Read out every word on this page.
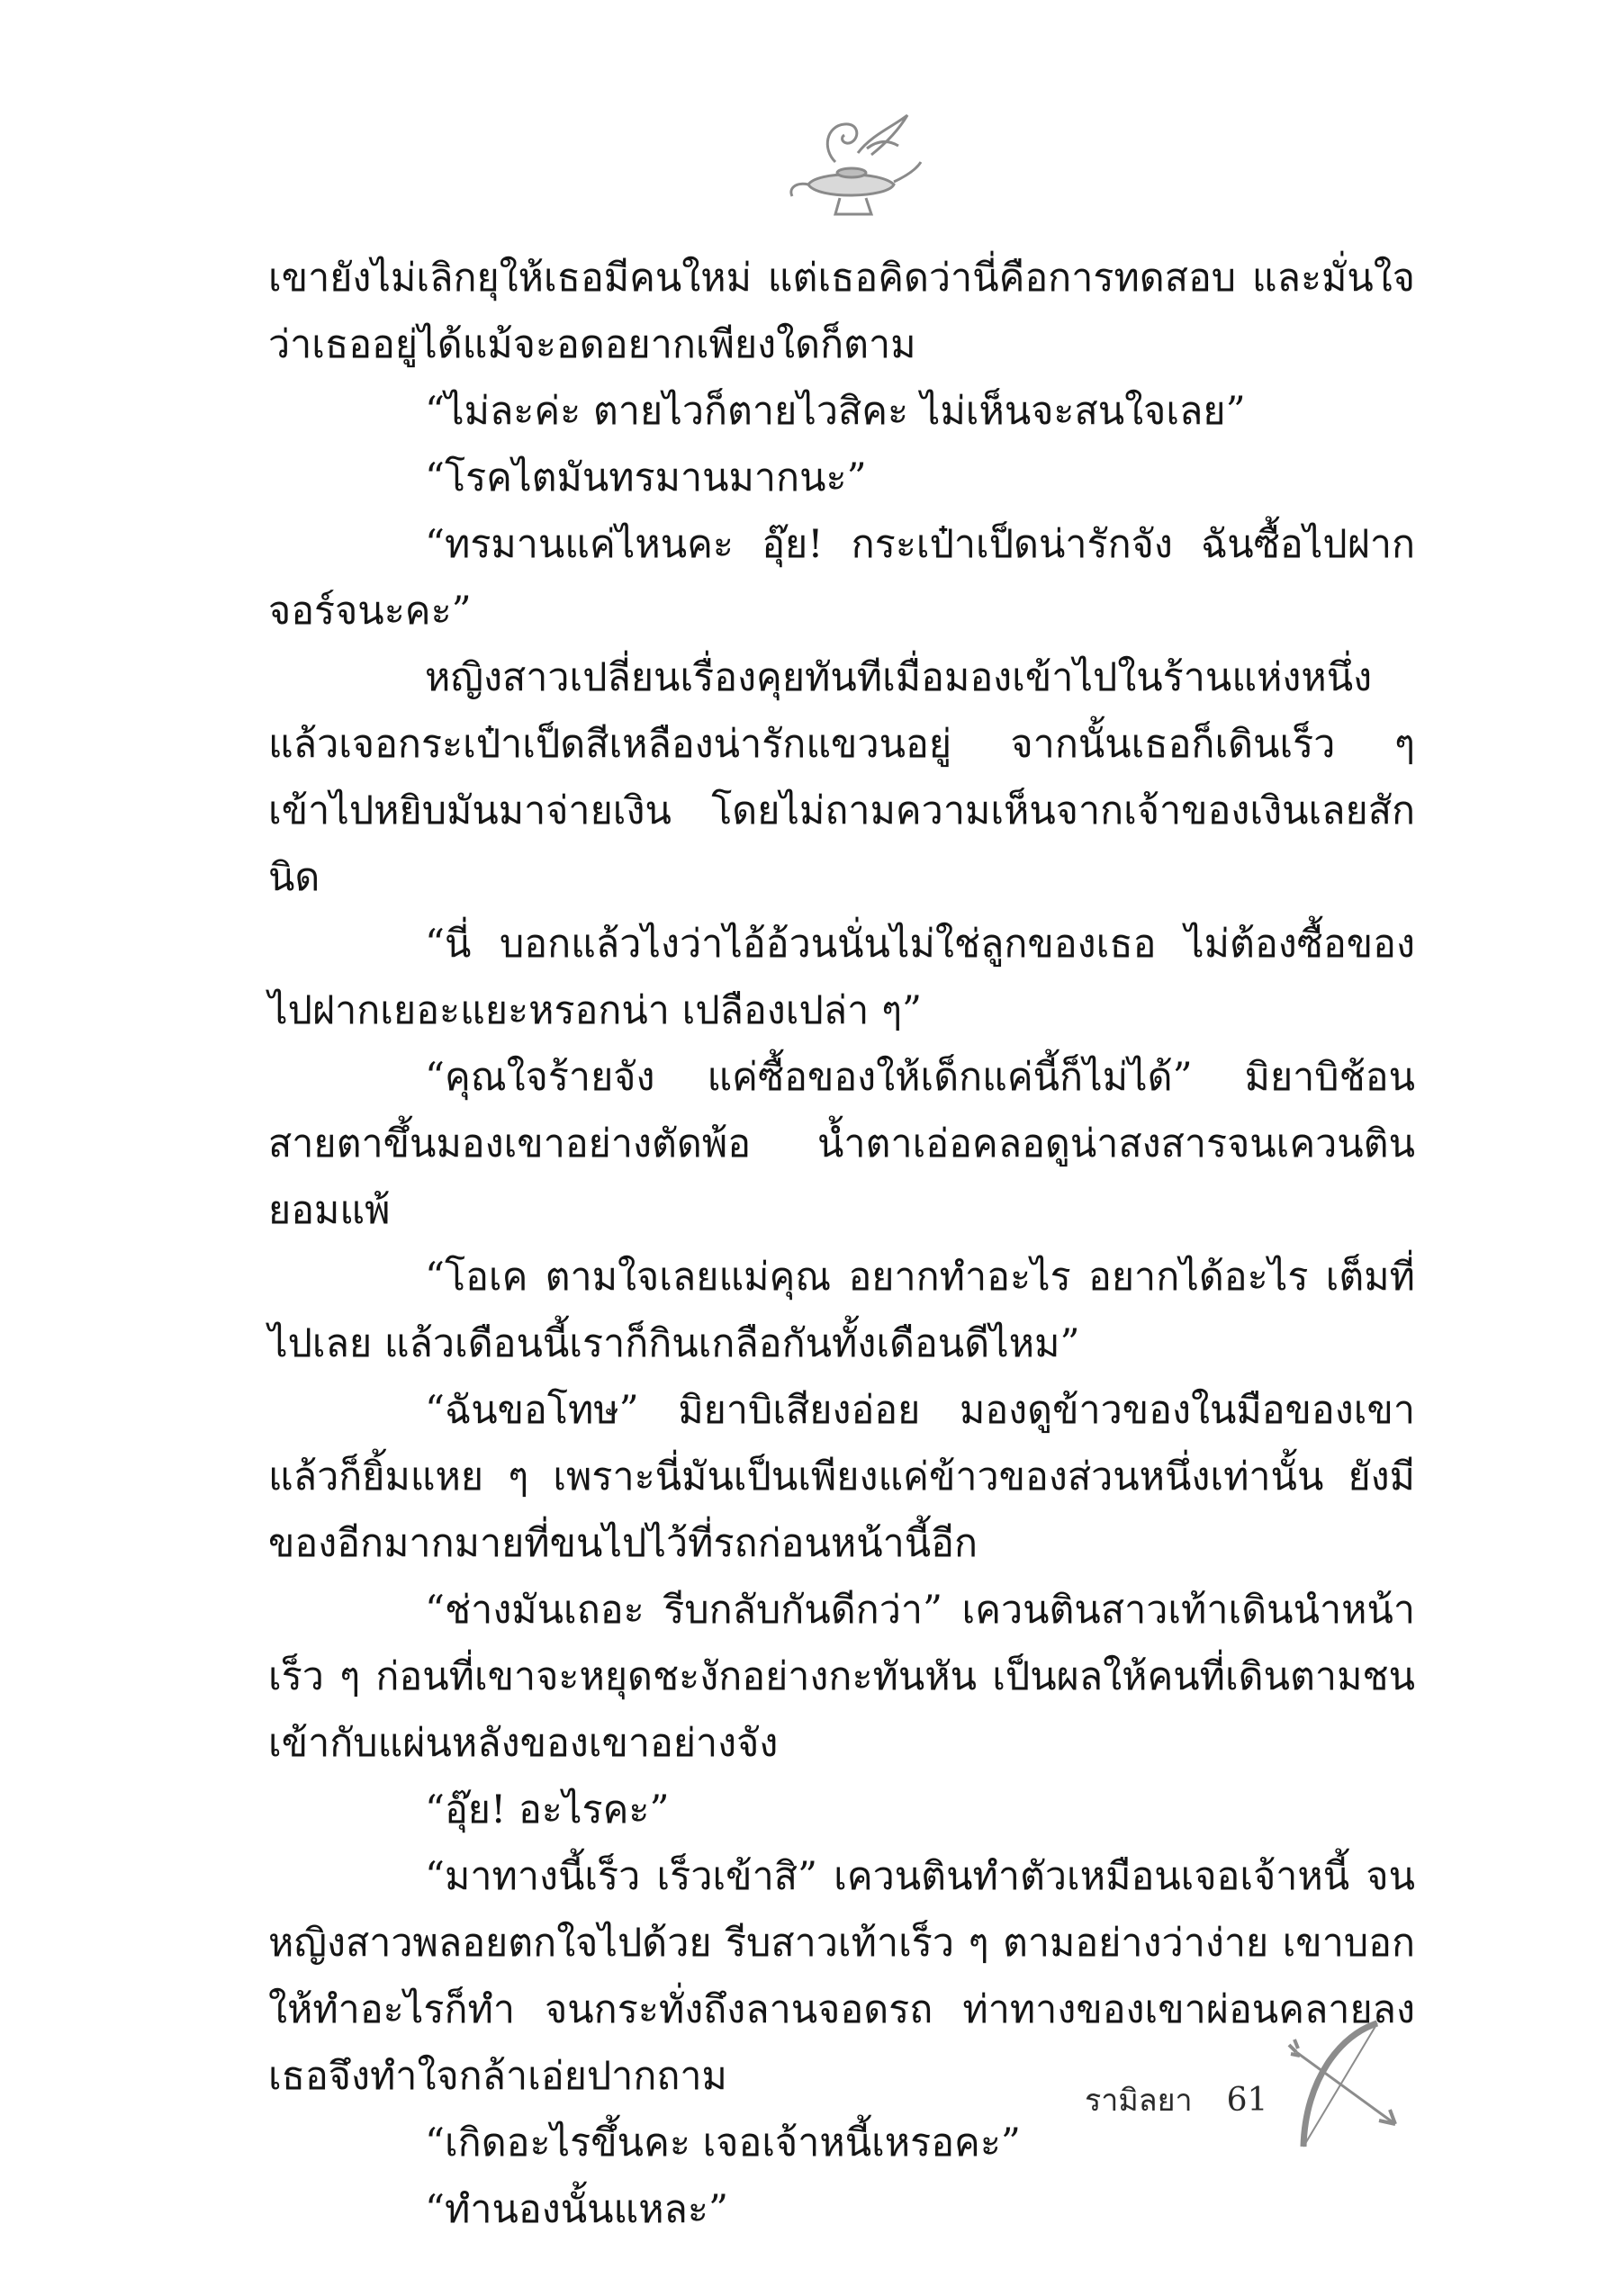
เขายังไม่เลิกยุให้เธอมีคนใหม่ แต่เธอคิดว่านี่คือการทดสอบ และมั่นใจว่าเธออยู่ได้แม้จะอดอยากเพียงใดก็ตาม

“ไม่ละค่ะ ตายไวก็ตายไวสิคะ ไม่เห็นจะสนใจเลย”

“โรคไตมันทรมานมากนะ”

“ทรมานแค่ไหนคะ อุ๊ย! กระเป๋าเป็ดน่ารักจัง ฉันซื้อไปฝากจอร์จนะคะ”

หญิงสาวเปลี่ยนเรื่องคุยทันทีเมื่อมองเข้าไปในร้านแห่งหนึ่งแล้วเจอกระเป๋าเป็ดสีเหลืองน่ารักแขวนอยู่ จากนั้นเธอก็เดินเร็ว ๆ เข้าไปหยิบมันมาจ่ายเงิน โดยไม่ถามความเห็นจากเจ้าของเงินเลยสักนิด

“นี่ บอกแล้วไงว่าไอ้อ้วนนั่นไม่ใช่ลูกของเธอ ไม่ต้องซื้อของไปฝากเยอะแยะหรอกน่า เปลืองเปล่า ๆ”

“คุณใจร้ายจัง แค่ซื้อของให้เด็กแค่นี้ก็ไม่ได้” มิยาบิช้อนสายตาขึ้นมองเขาอย่างตัดพ้อ น้ำตาเอ่อคลอดูน่าสงสารจนเควนตินยอมแพ้

“โอเค ตามใจเลยแม่คุณ อยากทำอะไร อยากได้อะไร เต็มที่ไปเลย แล้วเดือนนี้เราก็กินเกลือกันทั้งเดือนดีไหม”

“ฉันขอโทษ” มิยาบิเสียงอ่อย มองดูข้าวของในมือของเขาแล้วก็ยิ้มแหย ๆ เพราะนี่มันเป็นเพียงแค่ข้าวของส่วนหนึ่งเท่านั้น ยังมีของอีกมากมายที่ขนไปไว้ที่รถก่อนหน้านี้อีก

“ช่างมันเถอะ รีบกลับกันดีกว่า” เควนตินสาวเท้าเดินนำหน้าเร็ว ๆ ก่อนที่เขาจะหยุดชะงักอย่างกะทันหัน เป็นผลให้คนที่เดินตามชนเข้ากับแผ่นหลังของเขาอย่างจัง

“อุ๊ย! อะไรคะ”

“มาทางนี้เร็ว เร็วเข้าสิ” เควนตินทำตัวเหมือนเจอเจ้าหนี้ จนหญิงสาวพลอยตกใจไปด้วย รีบสาวเท้าเร็ว ๆ ตามอย่างว่าง่าย เขาบอกให้ทำอะไรก็ทำ จนกระทั่งถึงลานจอดรถ ท่าทางของเขาผ่อนคลายลง เธอจึงทำใจกล้าเอ่ยปากถาม

“เกิดอะไรขึ้นคะ เจอเจ้าหนี้เหรอคะ”

“ทำนองนั้นแหละ”

รามิลยา 61
